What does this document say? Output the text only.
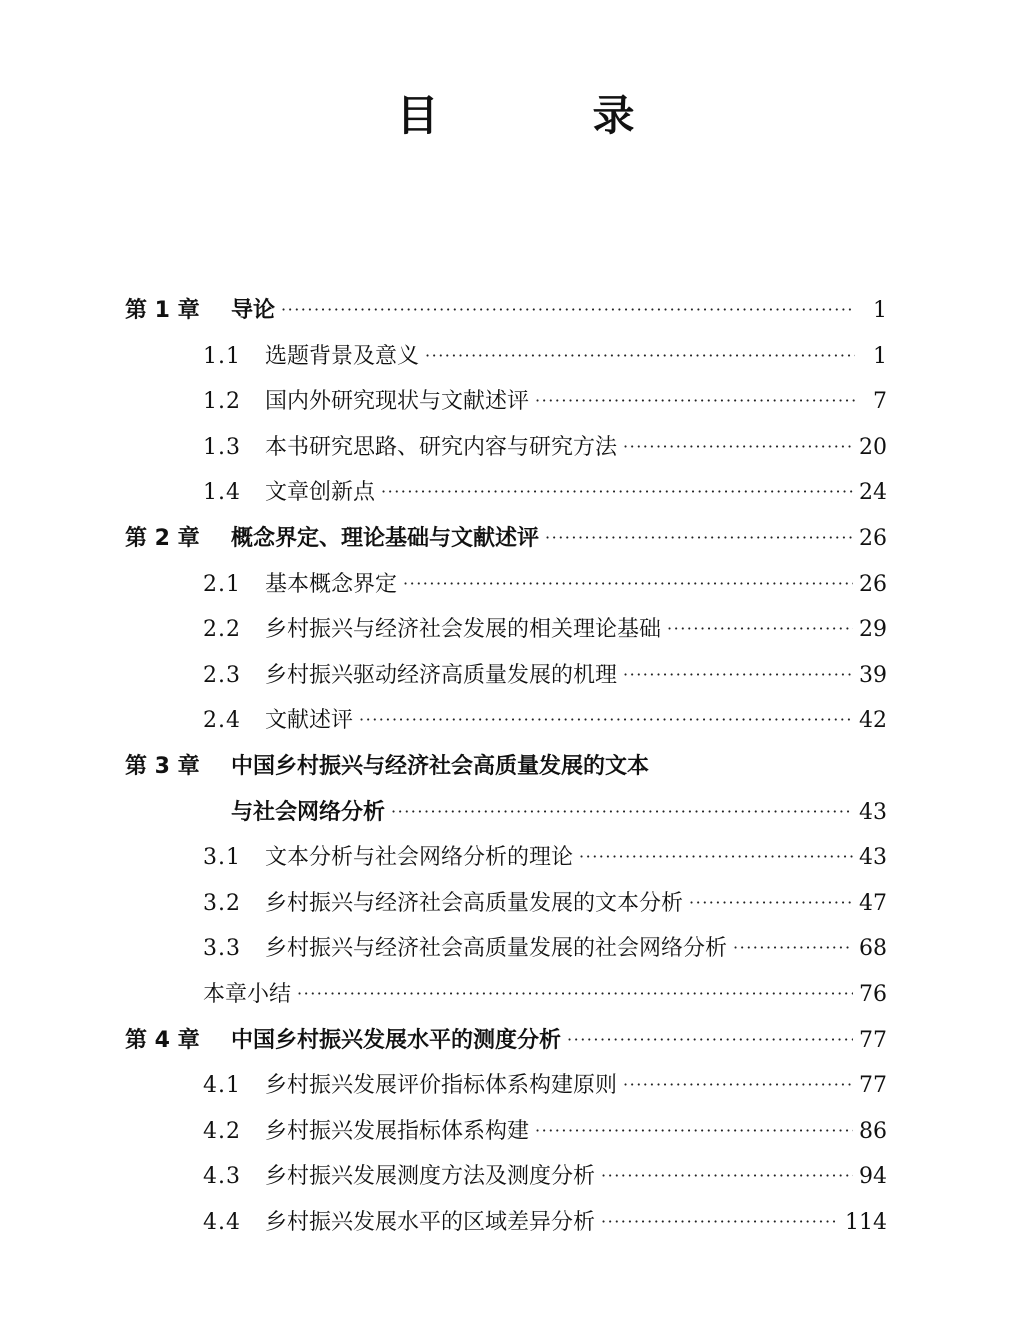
目　录
第 1 章	导论 ·····	1
1.1	选题背景及意义 ·····	1
1.2	国内外研究现状与文献述评 ·····	7
1.3	本书研究思路、研究内容与研究方法 ·····	20
1.4	文章创新点 ·····	24
第 2 章	概念界定、理论基础与文献述评 ·····	26
2.1	基本概念界定 ·····	26
2.2	乡村振兴与经济社会发展的相关理论基础 ·····	29
2.3	乡村振兴驱动经济高质量发展的机理 ·····	39
2.4	文献述评 ·····	42
第 3 章	中国乡村振兴与经济社会高质量发展的文本
与社会网络分析 ·····	43
3.1	文本分析与社会网络分析的理论 ·····	43
3.2	乡村振兴与经济社会高质量发展的文本分析 ·····	47
3.3	乡村振兴与经济社会高质量发展的社会网络分析 ·····	68
本章小结 ·····	76
第 4 章	中国乡村振兴发展水平的测度分析 ·····	77
4.1	乡村振兴发展评价指标体系构建原则 ·····	77
4.2	乡村振兴发展指标体系构建 ·····	86
4.3	乡村振兴发展测度方法及测度分析 ·····	94
4.4	乡村振兴发展水平的区域差异分析 ·····	114
